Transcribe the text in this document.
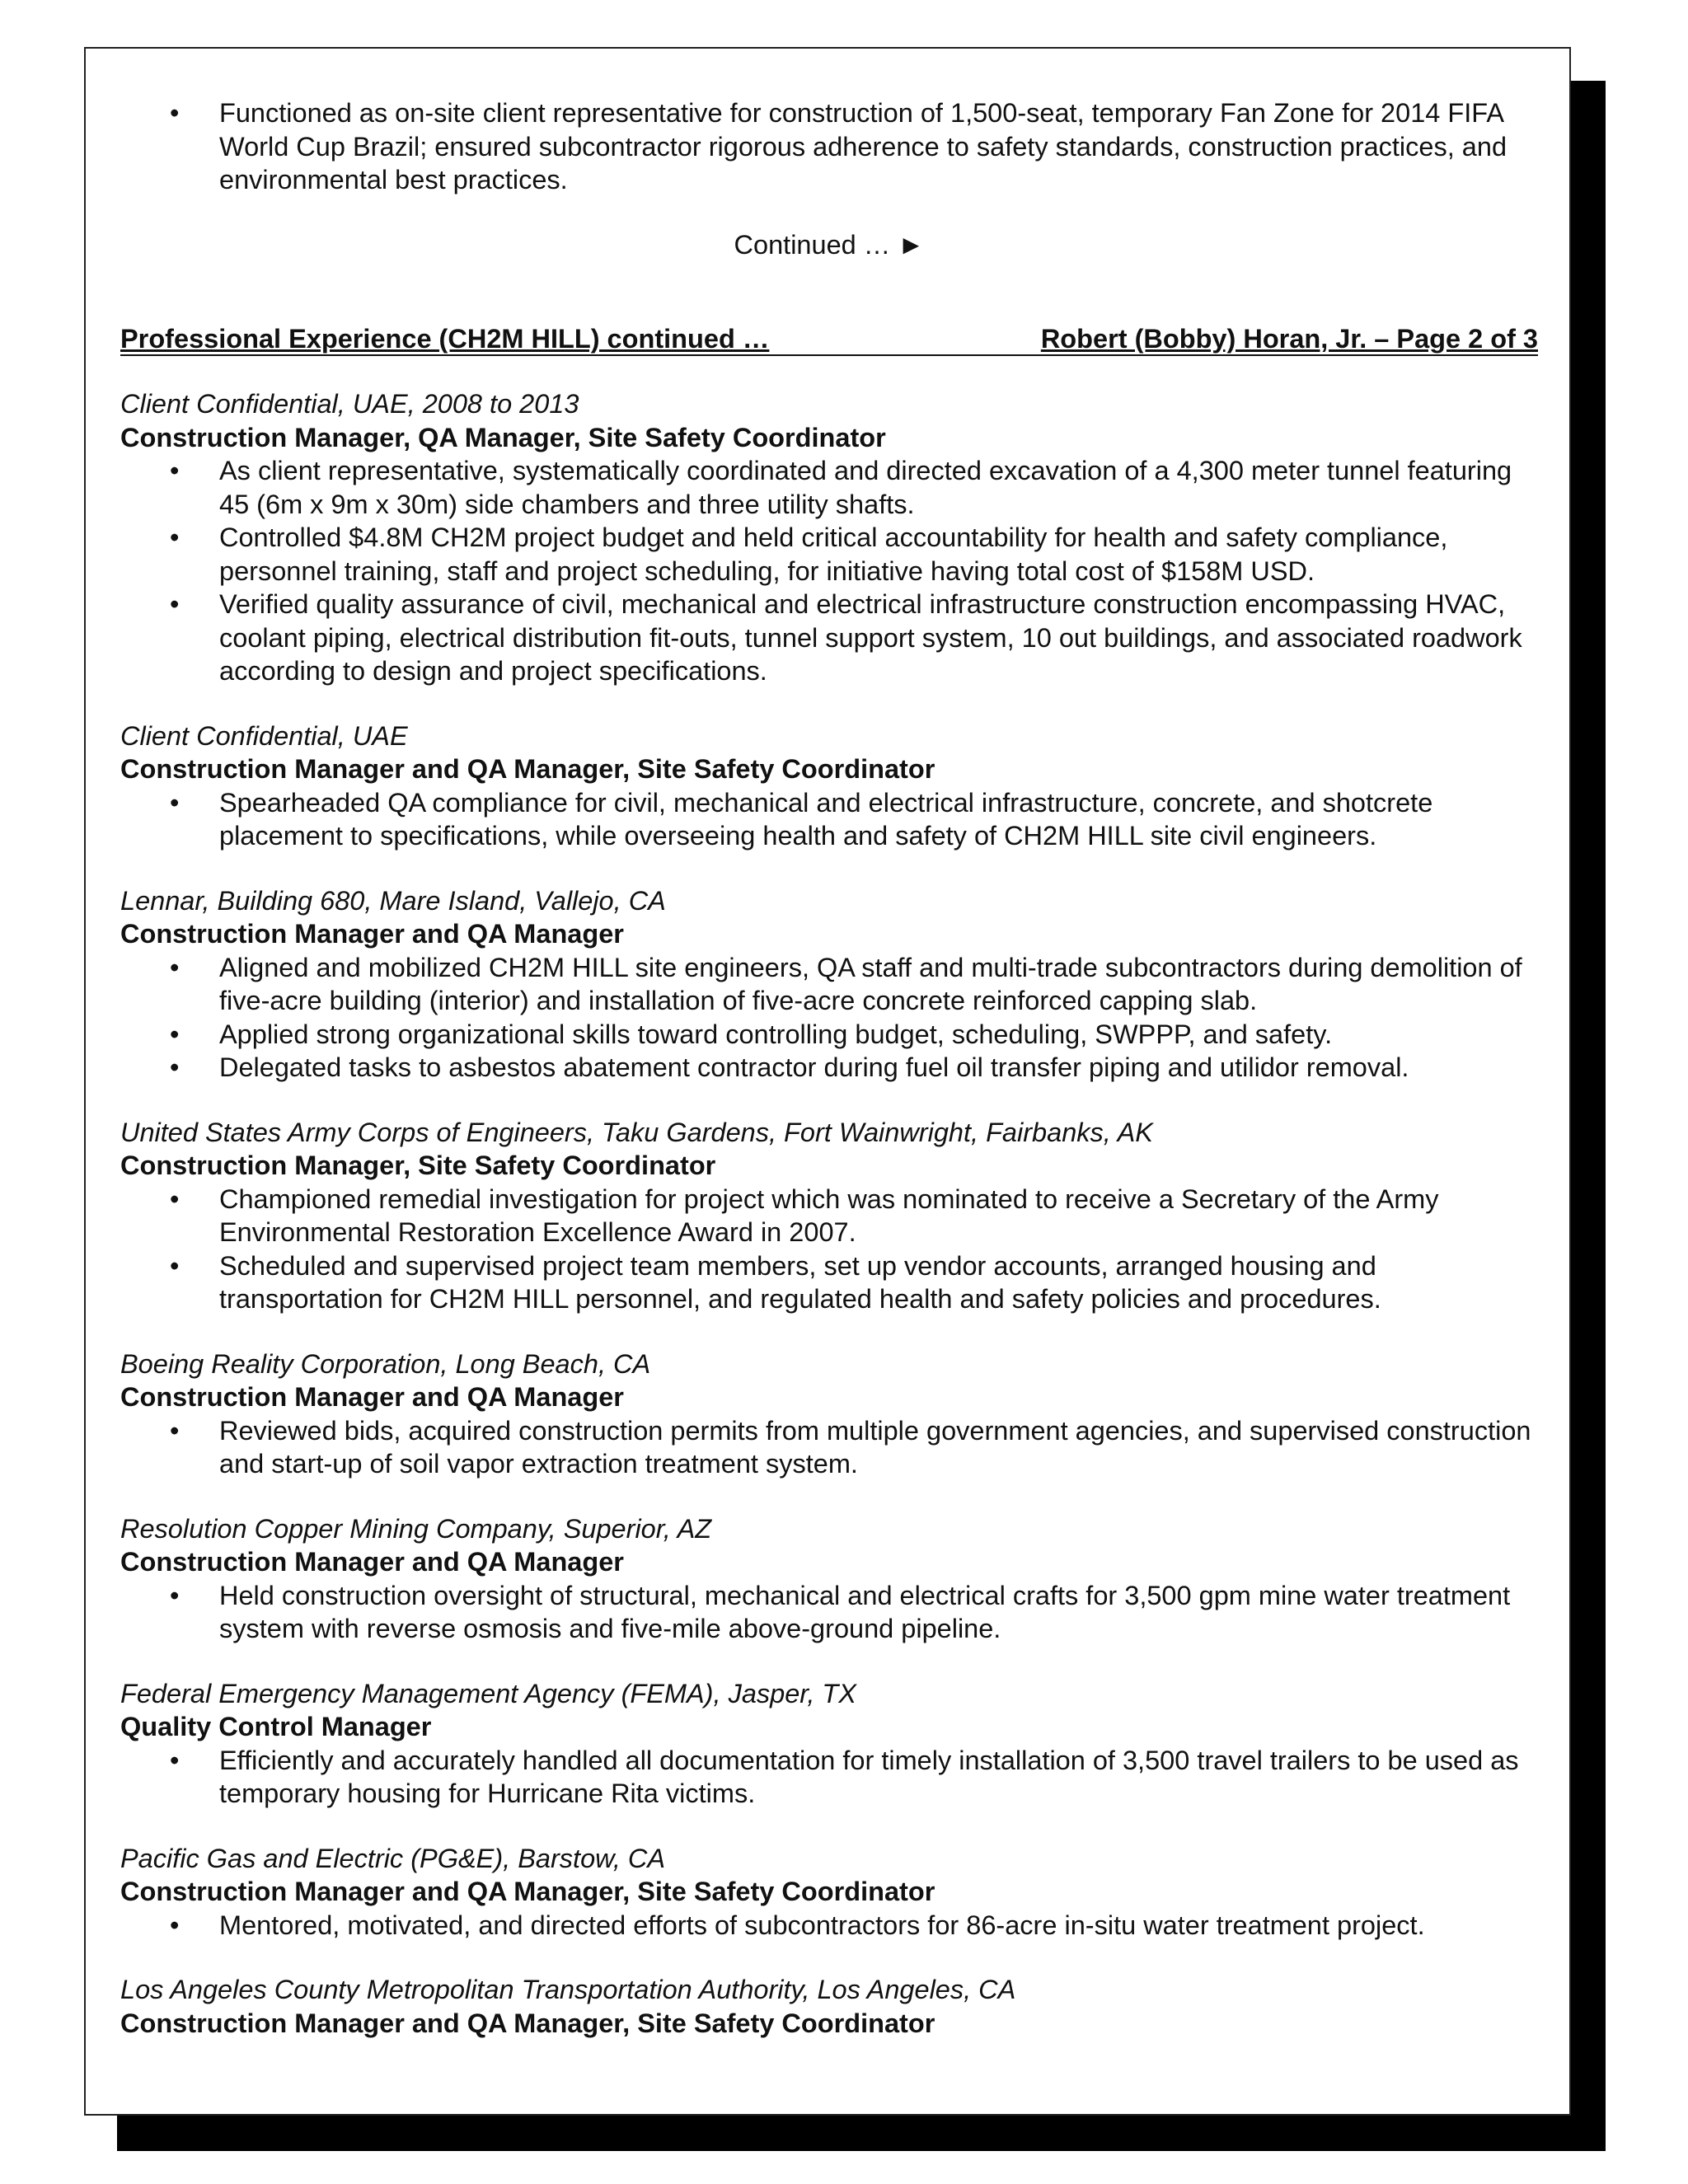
•	Functioned as on-site client representative for construction of 1,500-seat, temporary Fan Zone for 2014 FIFA World Cup Brazil; ensured subcontractor rigorous adherence to safety standards, construction practices, and environmental best practices.
Continued … ►
Professional Experience (CH2M HILL) continued …	Robert (Bobby) Horan, Jr. – Page 2 of 3
Client Confidential, UAE, 2008 to 2013
Construction Manager, QA Manager, Site Safety Coordinator
•	As client representative, systematically coordinated and directed excavation of a 4,300 meter tunnel featuring 45 (6m x 9m x 30m) side chambers and three utility shafts.
•	Controlled $4.8M CH2M project budget and held critical accountability for health and safety compliance, personnel training, staff and project scheduling, for initiative having total cost of $158M USD.
•	Verified quality assurance of civil, mechanical and electrical infrastructure construction encompassing HVAC, coolant piping, electrical distribution fit-outs, tunnel support system, 10 out buildings, and associated roadwork according to design and project specifications.
Client Confidential, UAE
Construction Manager and QA Manager, Site Safety Coordinator
•	Spearheaded QA compliance for civil, mechanical and electrical infrastructure, concrete, and shotcrete placement to specifications, while overseeing health and safety of CH2M HILL site civil engineers.
Lennar, Building 680, Mare Island, Vallejo, CA
Construction Manager and QA Manager
•	Aligned and mobilized CH2M HILL site engineers, QA staff and multi-trade subcontractors during demolition of five-acre building (interior) and installation of five-acre concrete reinforced capping slab.
•	Applied strong organizational skills toward controlling budget, scheduling, SWPPP, and safety.
•	Delegated tasks to asbestos abatement contractor during fuel oil transfer piping and utilidor removal.
United States Army Corps of Engineers, Taku Gardens, Fort Wainwright, Fairbanks, AK
Construction Manager, Site Safety Coordinator
•	Championed remedial investigation for project which was nominated to receive a Secretary of the Army Environmental Restoration Excellence Award in 2007.
•	Scheduled and supervised project team members, set up vendor accounts, arranged housing and transportation for CH2M HILL personnel, and regulated health and safety policies and procedures.
Boeing Reality Corporation, Long Beach, CA
Construction Manager and QA Manager
•	Reviewed bids, acquired construction permits from multiple government agencies, and supervised construction and start-up of soil vapor extraction treatment system.
Resolution Copper Mining Company, Superior, AZ
Construction Manager and QA Manager
•	Held construction oversight of structural, mechanical and electrical crafts for 3,500 gpm mine water treatment system with reverse osmosis and five-mile above-ground pipeline.
Federal Emergency Management Agency (FEMA), Jasper, TX
Quality Control Manager
•	Efficiently and accurately handled all documentation for timely installation of 3,500 travel trailers to be used as temporary housing for Hurricane Rita victims.
Pacific Gas and Electric (PG&E), Barstow, CA
Construction Manager and QA Manager, Site Safety Coordinator
•	Mentored, motivated, and directed efforts of subcontractors for 86-acre in-situ water treatment project.
Los Angeles County Metropolitan Transportation Authority, Los Angeles, CA
Construction Manager and QA Manager, Site Safety Coordinator
